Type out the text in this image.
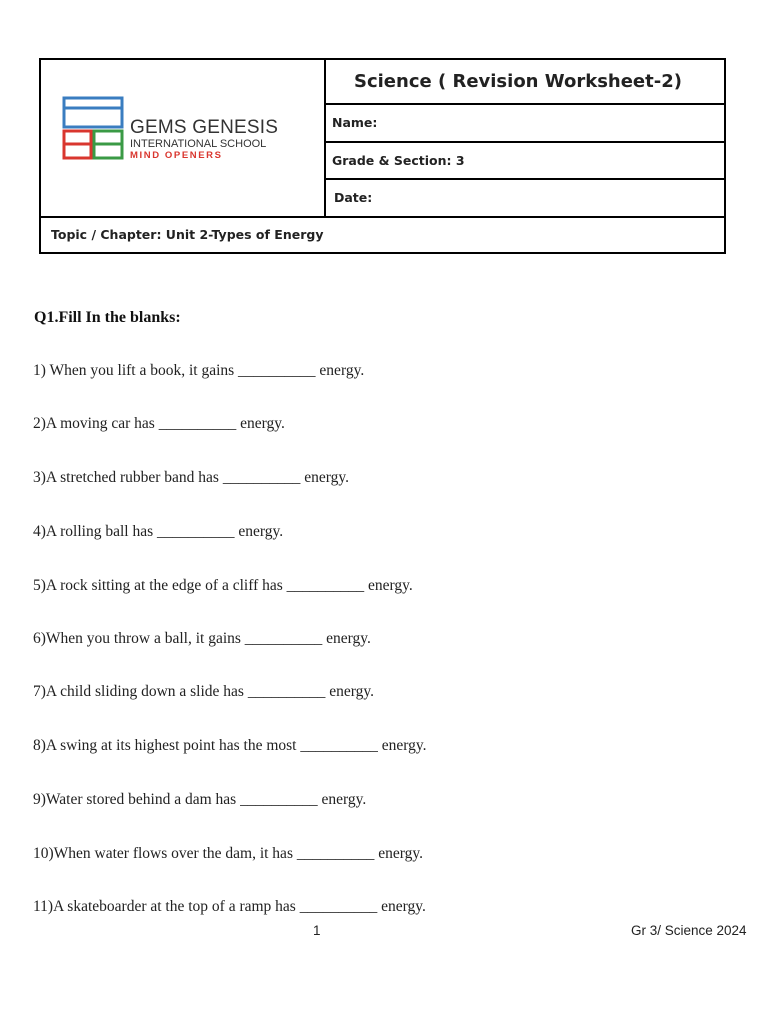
GEMS GENESIS
INTERNATIONAL SCHOOL
MIND OPENERS
Science ( Revision Worksheet-2)
Name:
Grade & Section: 3
Date:
Topic / Chapter: Unit 2-Types of Energy
Q1.Fill In the blanks:
1) When you lift a book, it gains __________ energy.
2)A moving car has __________ energy.
3)A stretched rubber band has __________ energy.
4)A rolling ball has __________ energy.
5)A rock sitting at the edge of a cliff has __________ energy.
6)When you throw a ball, it gains __________ energy.
7)A child sliding down a slide has __________ energy.
8)A swing at its highest point has the most __________ energy.
9)Water stored behind a dam has __________ energy.
10)When water flows over the dam, it has __________ energy.
11)A skateboarder at the top of a ramp has __________ energy.
1	Gr 3/ Science 2024
